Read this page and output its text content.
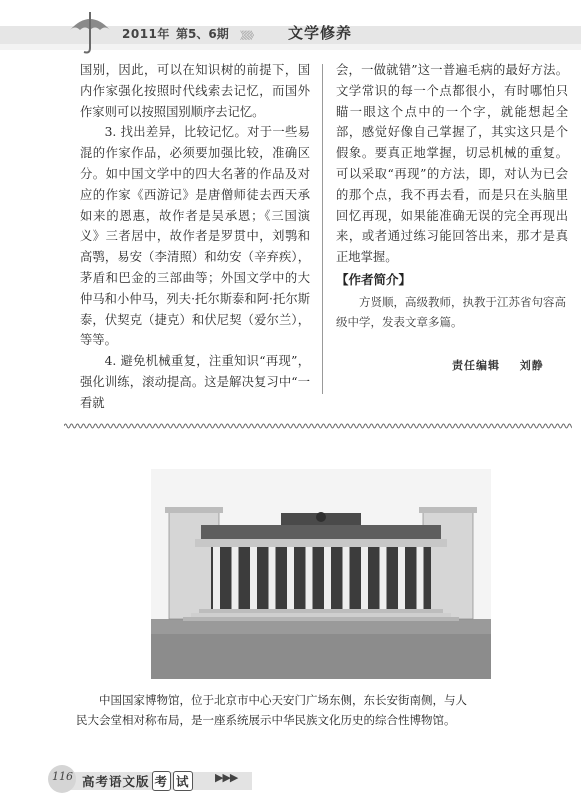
2011年 第5、6期 》》》》 文学修养

国别，因此，可以在知识树的前提下，国内作家强化按照时代线索去记忆，而国外作家则可以按照国别顺序去记忆。

3. 找出差异，比较记忆。对于一些易混的作家作品，必须要加强比较，准确区分。如中国文学中的四大名著的作品及对应的作家《西游记》是唐僧师徒去西天承如来的恩惠，故作者是吴承恩；《三国演义》三者居中，故作者是罗贯中，刘鹗和高鹗，易安（李清照）和幼安（辛弃疾），茅盾和巴金的三部曲等；外国文学中的大仲马和小仲马，列夫·托尔斯泰和阿·托尔斯泰，伏契克（捷克）和伏尼契（爱尔兰），等等。

4. 避免机械重复，注重知识“再现”，强化训练，滚动提高。这是解决复习中“一看就

会，一做就错”这一普遍毛病的最好方法。文学常识的每一个点都很小，有时哪怕只瞄一眼这个点中的一个字，就能想起全部，感觉好像自己掌握了，其实这只是个假象。要真正地掌握，切忌机械的重复。可以采取“再现”的方法，即，对认为已会的那个点，我不再去看，而是只在头脑里回忆再现，如果能准确无误的完全再现出来，或者通过练习能回答出来，那才是真正地掌握。

【作者简介】
方贤顺，高级教师，执教于江苏省句容高级中学，发表文章多篇。
责任编辑 刘静

中国国家博物馆，位于北京市中心天安门广场东侧，东长安街南侧，与人

民大会堂相对称布局，是一座系统展示中华民族文化历史的综合性博物馆。

116 高考语文版 考 试 ▶▶▶
